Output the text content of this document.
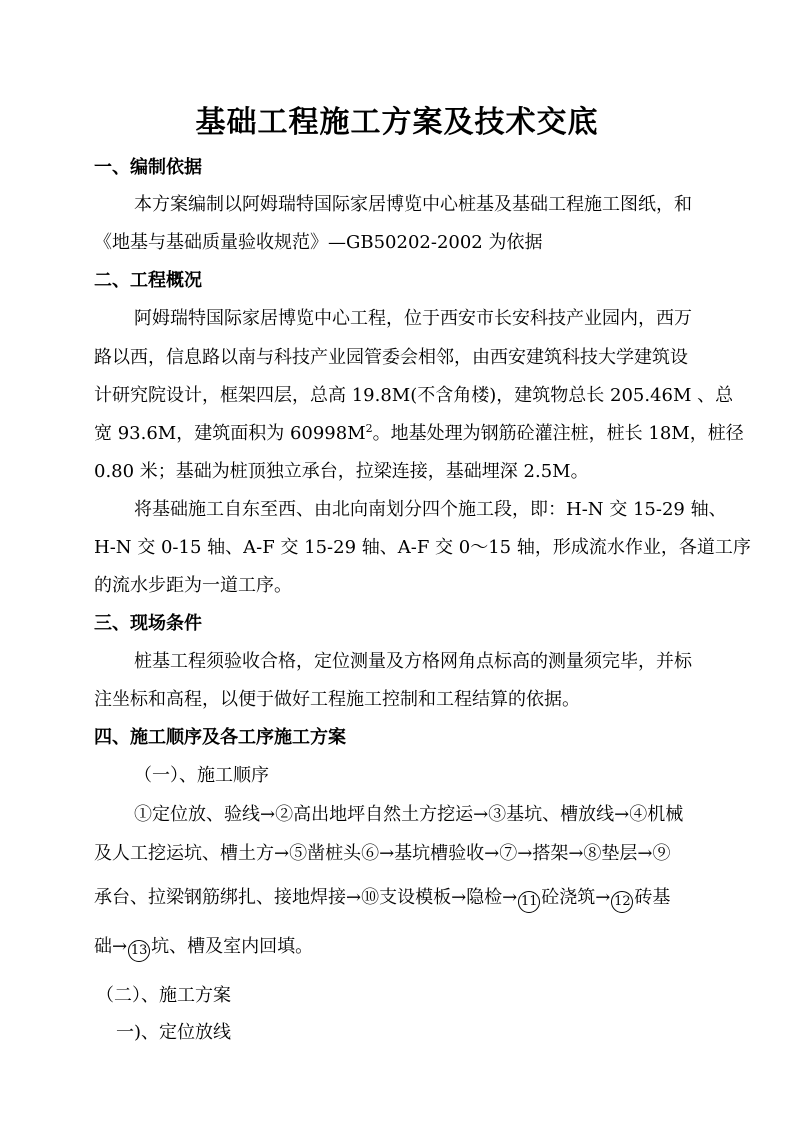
基础工程施工方案及技术交底
一、编制依据
本方案编制以阿姆瑞特国际家居博览中心桩基及基础工程施工图纸，和
《地基与基础质量验收规范》—GB50202-2002 为依据
二、工程概况
阿姆瑞特国际家居博览中心工程，位于西安市长安科技产业园内，西万
路以西，信息路以南与科技产业园管委会相邻，由西安建筑科技大学建筑设
计研究院设计，框架四层，总高 19.8M(不含角楼)，建筑物总长 205.46M 、总
宽 93.6M，建筑面积为 $60998M^2$。地基处理为钢筋砼灌注桩，桩长 18M，桩径
0.80 米；基础为桩顶独立承台，拉梁连接，基础埋深 2.5M。
将基础施工自东至西、由北向南划分四个施工段，即：H-N 交 15-29 轴、
H-N 交 0-15 轴、A-F 交 15-29 轴、A-F 交 0～15 轴，形成流水作业，各道工序
的流水步距为一道工序。
三、现场条件
桩基工程须验收合格，定位测量及方格网角点标高的测量须完毕，并标
注坐标和高程，以便于做好工程施工控制和工程结算的依据。
四、施工顺序及各工序施工方案
（一）、施工顺序
①定位放、验线→②高出地坪自然土方挖运→③基坑、槽放线→④机械
及人工挖运坑、槽土方→⑤凿桩头⑥→基坑槽验收→⑦→搭架→⑧垫层→⑨
承台、拉梁钢筋绑扎、接地焊接→⑩支设模板→隐检→ 11 砼浇筑→ 12 砖基
础→ 13 坑、槽及室内回填。
（二）、施工方案
一)、定位放线
